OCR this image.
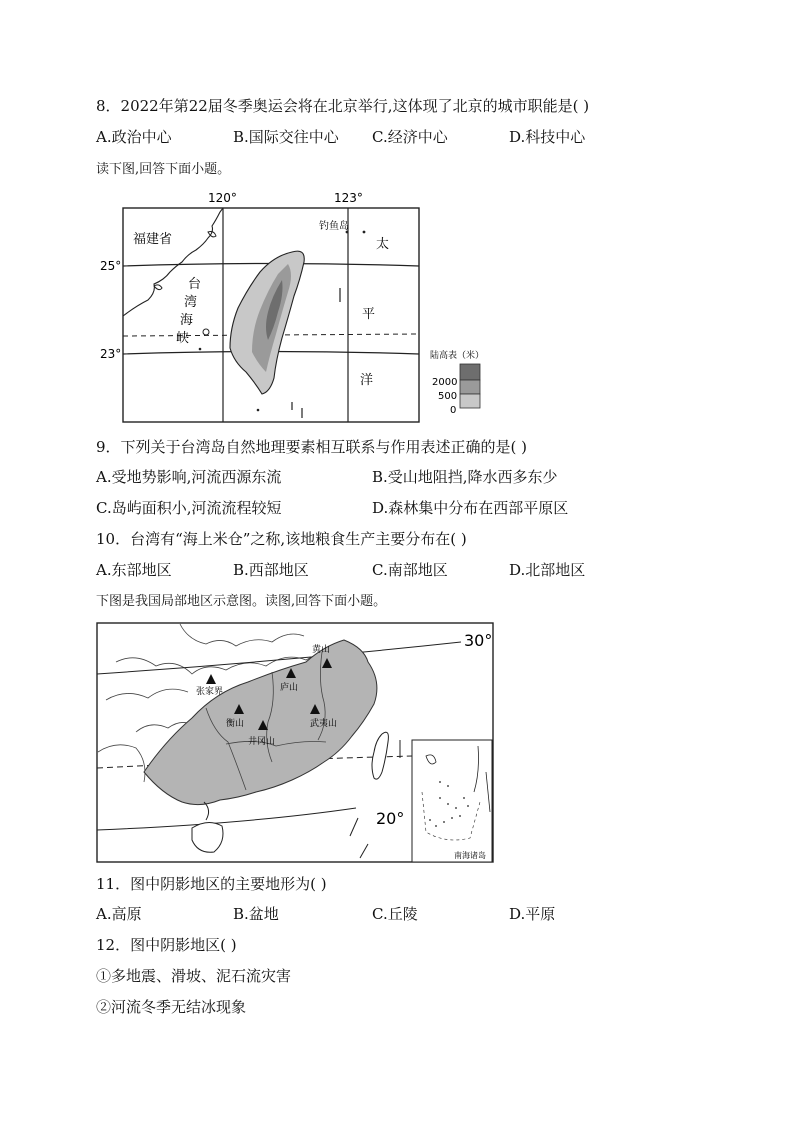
8．2022年第22届冬季奥运会将在北京举行,这体现了北京的城市职能是( )
A.政治中心	B.国际交往中心 C.经济中心	D.科技中心
读下图,回答下面小题。
120°	123°
25°
23°
福建省
台
湾
海
峡
钓鱼岛
太
平
洋
陆高表（米）
2000
500
0
9．下列关于台湾岛自然地理要素相互联系与作用表述正确的是( )
A.受地势影响,河流西源东流	B.受山地阻挡,降水西多东少
C.岛屿面积小,河流流程较短	D.森林集中分布在西部平原区
10．台湾有“海上米仓”之称,该地粮食生产主要分布在( )
A.东部地区	B.西部地区	C.南部地区	D.北部地区
下图是我国局部地区示意图。读图,回答下面小题。
南海诸岛
30°
20°
黄山
庐山
张家界
衡山
井冈山
武夷山
11．图中阴影地区的主要地形为( )
A.高原	B.盆地	C.丘陵	D.平原
12．图中阴影地区( )
①多地震、滑坡、泥石流灾害
②河流冬季无结冰现象
